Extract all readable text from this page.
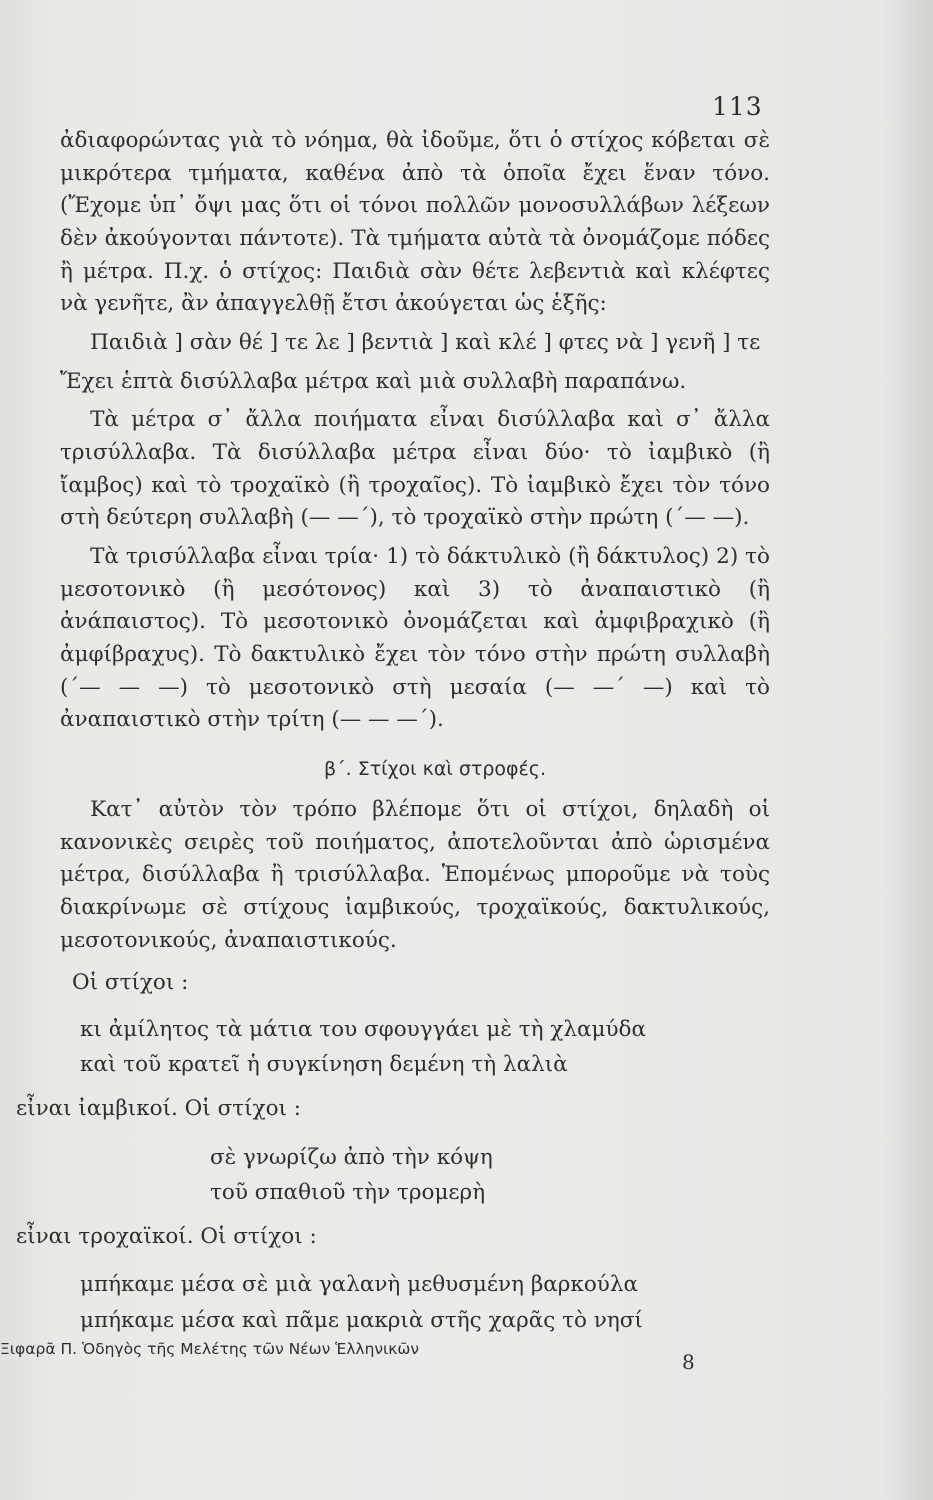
113

ἀδιαφορώντας γιὰ τὸ νόημα, θὰ ἰδοῦμε, ὅτι ὁ στίχος κόβεται σὲ μικρότερα τμήματα, καθένα ἀπὸ τὰ ὁποῖα ἔχει ἕναν τόνο. (Ἔχομε ὑπ᾽ ὄψι μας ὅτι οἱ τόνοι πολλῶν μονοσυλλάβων λέξεων δὲν ἀκούγονται πάντοτε). Τὰ τμήματα αὐτὰ τὰ ὀνομάζομε πόδες ἢ μέτρα. Π.χ. ὁ στίχος: Παιδιὰ σὰν θέτε λεβεντιὰ καὶ κλέφτες νὰ γενῆτε, ἂν ἀπαγγελθῇ ἔτσι ἀκούγεται ὡς ἑξῆς:

Παιδιὰ ] σὰν θέ ] τε λε ] βεντιὰ ] καὶ κλέ ] φτες νὰ ] γενῆ ] τε

Ἔχει ἑπτὰ δισύλλαβα μέτρα καὶ μιὰ συλλαβὴ παραπάνω.

Τὰ μέτρα σ᾽ ἄλλα ποιήματα εἶναι δισύλλαβα καὶ σ᾽ ἄλλα τρισύλλαβα. Τὰ δισύλλαβα μέτρα εἶναι δύο· τὸ ἰαμβικὸ (ἢ ἴαμβος) καὶ τὸ τροχαϊκὸ (ἢ τροχαῖος). Τὸ ἰαμβικὸ ἔχει τὸν τόνο στὴ δεύτερη συλλαβὴ (— —΄), τὸ τροχαϊκὸ στὴν πρώτη (΄— —).

Τὰ τρισύλλαβα εἶναι τρία· 1) τὸ δάκτυλικὸ (ἢ δάκτυλος) 2) τὸ μεσοτονικὸ (ἢ μεσότονος) καὶ 3) τὸ ἀναπαιστικὸ (ἢ ἀνάπαιστος). Τὸ μεσοτονικὸ ὀνομάζεται καὶ ἀμφιβραχικὸ (ἢ ἀμφίβραχυς). Τὸ δακτυλικὸ ἔχει τὸν τόνο στὴν πρώτη συλλαβὴ (΄— — —) τὸ μεσοτονικὸ στὴ μεσαία (— —΄ —) καὶ τὸ ἀναπαιστικὸ στὴν τρίτη (— — —΄).

β΄. Στίχοι καὶ στροφές.

Κατ᾽ αὐτὸν τὸν τρόπο βλέπομε ὅτι οἱ στίχοι, δηλαδὴ οἱ κανονικὲς σειρὲς τοῦ ποιήματος, ἀποτελοῦνται ἀπὸ ὡρισμένα μέτρα, δισύλλαβα ἢ τρισύλλαβα. Ἑπομένως μποροῦμε νὰ τοὺς διακρίνωμε σὲ στίχους ἰαμβικούς, τροχαϊκούς, δακτυλικούς, μεσοτονικούς, ἀναπαιστικούς.

Οἱ στίχοι :
κι ἀμίλητος τὰ μάτια του σφουγγάει μὲ τὴ χλαμύδα
καὶ τοῦ κρατεῖ ἡ συγκίνηση δεμένη τὴ λαλιὰ
εἶναι ἰαμβικοί. Οἱ στίχοι :
σὲ γνωρίζω ἀπὸ τὴν κόψη
τοῦ σπαθιοῦ τὴν τρομερὴ
εἶναι τροχαϊκοί. Οἱ στίχοι :
μπήκαμε μέσα σὲ μιὰ γαλανὴ μεθυσμένη βαρκούλα
μπήκαμε μέσα καὶ πᾶμε μακριὰ στῆς χαρᾶς τὸ νησί
Ξιφαρᾶ Π. Ὁδηγὸς τῆς Μελέτης τῶν Νέων Ἑλληνικῶν
8
